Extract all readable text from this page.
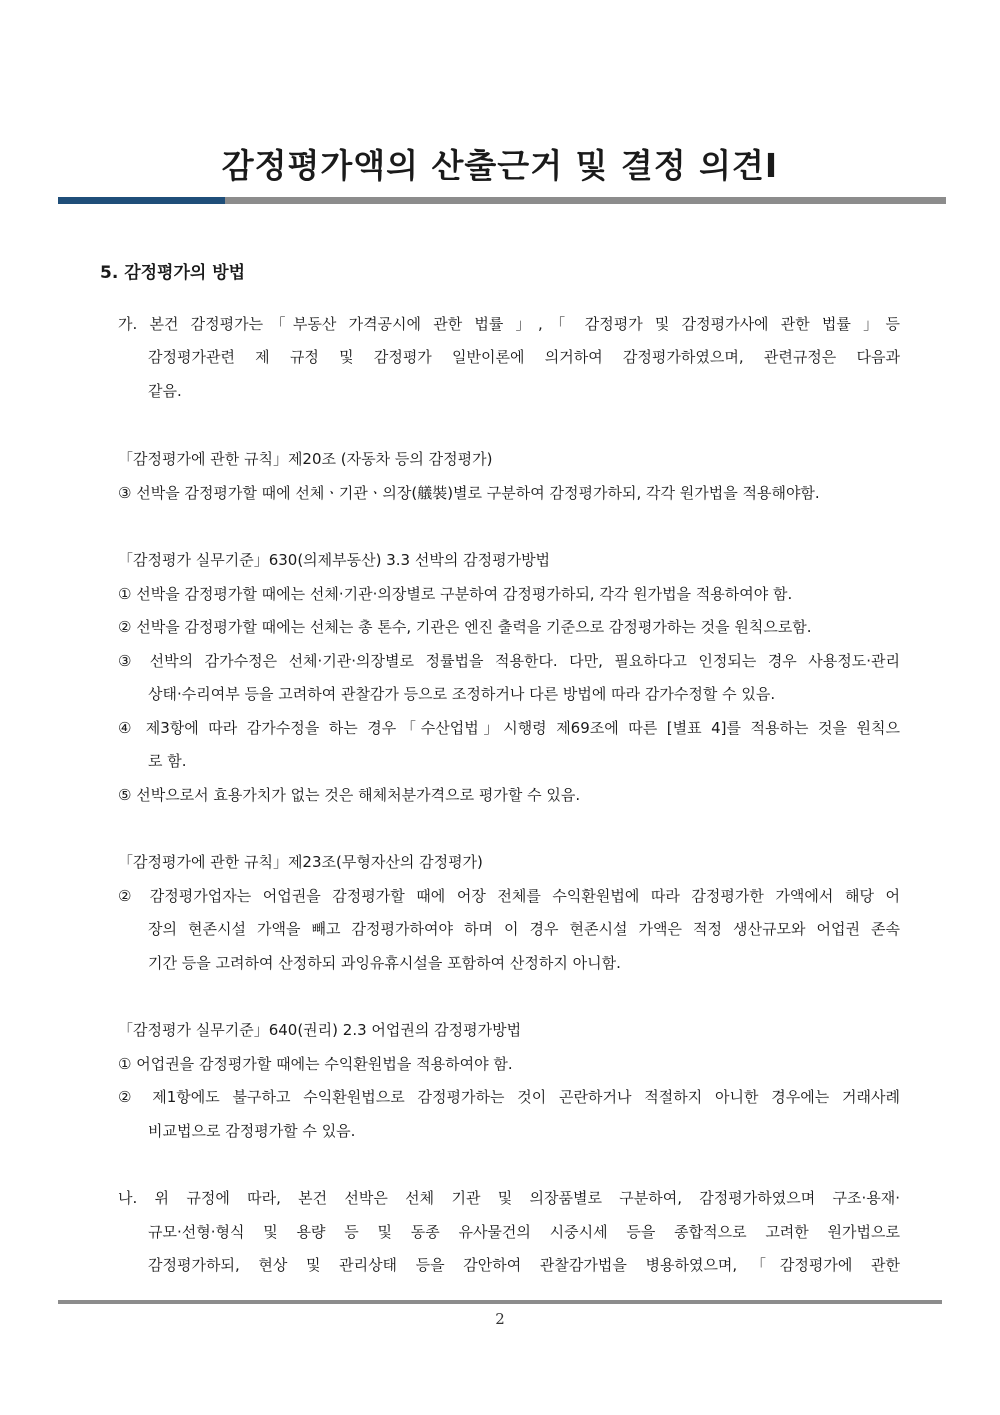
감정평가액의 산출근거 및 결정 의견Ⅰ
5. 감정평가의 방법
가. 본건 감정평가는「부동산 가격공시에 관한 법률 」,「 감정평가 및 감정평가사에 관한 법률 」등
감정평가관련 제 규정 및 감정평가 일반이론에 의거하여 감정평가하였으며, 관련규정은 다음과
같음.
「감정평가에 관한 규칙」제20조 (자동차 등의 감정평가)
③ 선박을 감정평가할 때에 선체ㆍ기관ㆍ의장(艤裝)별로 구분하여 감정평가하되, 각각 원가법을 적용해야함.
「감정평가 실무기준」630(의제부동산) 3.3 선박의 감정평가방법
① 선박을 감정평가할 때에는 선체·기관·의장별로 구분하여 감정평가하되, 각각 원가법을 적용하여야 함.
② 선박을 감정평가할 때에는 선체는 총 톤수, 기관은 엔진 출력을 기준으로 감정평가하는 것을 원칙으로함.
③ 선박의 감가수정은 선체·기관·의장별로 정률법을 적용한다. 다만, 필요하다고 인정되는 경우 사용정도·관리
상태·수리여부 등을 고려하여 관찰감가 등으로 조정하거나 다른 방법에 따라 감가수정할 수 있음.
④ 제3항에 따라 감가수정을 하는 경우「수산업법」시행령 제69조에 따른 [별표 4]를 적용하는 것을 원칙으
로 함.
⑤ 선박으로서 효용가치가 없는 것은 해체처분가격으로 평가할 수 있음.
「감정평가에 관한 규칙」제23조(무형자산의 감정평가)
② 감정평가업자는 어업권을 감정평가할 때에 어장 전체를 수익환원법에 따라 감정평가한 가액에서 해당 어
장의 현존시설 가액을 빼고 감정평가하여야 하며 이 경우 현존시설 가액은 적정 생산규모와 어업권 존속
기간 등을 고려하여 산정하되 과잉유휴시설을 포함하여 산정하지 아니함.
「감정평가 실무기준」640(권리) 2.3 어업권의 감정평가방법
① 어업권을 감정평가할 때에는 수익환원법을 적용하여야 함.
② 제1항에도 불구하고 수익환원법으로 감정평가하는 것이 곤란하거나 적절하지 아니한 경우에는 거래사례
비교법으로 감정평가할 수 있음.
나. 위 규정에 따라, 본건 선박은 선체 기관 및 의장품별로 구분하여, 감정평가하였으며 구조·용재·
규모·선형·형식 및 용량 등 및 동종 유사물건의 시중시세 등을 종합적으로 고려한 원가법으로
감정평가하되, 현상 및 관리상태 등을 감안하여 관찰감가법을 병용하였으며,「감정평가에 관한
2
